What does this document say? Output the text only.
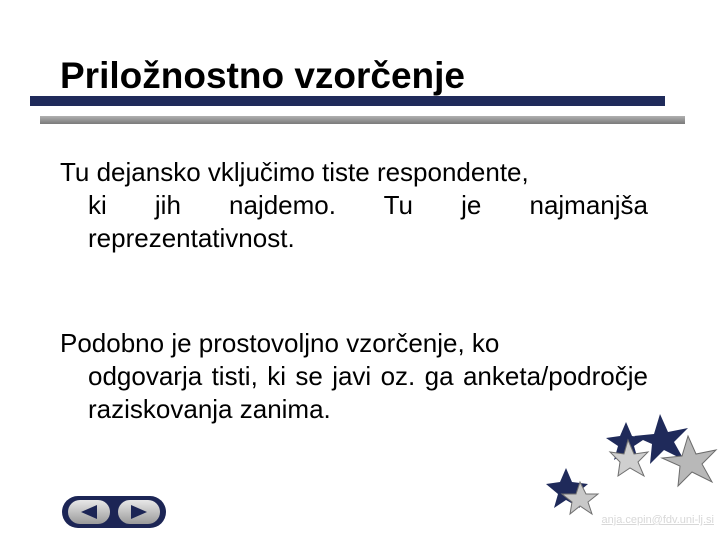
Priložnostno vzorčenje
Tu dejansko vključimo tiste respondente,
ki jih najdemo. Tu je najmanjša reprezentativnost.
Podobno je prostovoljno vzorčenje, ko
odgovarja tisti, ki se javi oz. ga anketa/področje raziskovanja zanima.
anja.cepin@fdv.uni-lj.si
